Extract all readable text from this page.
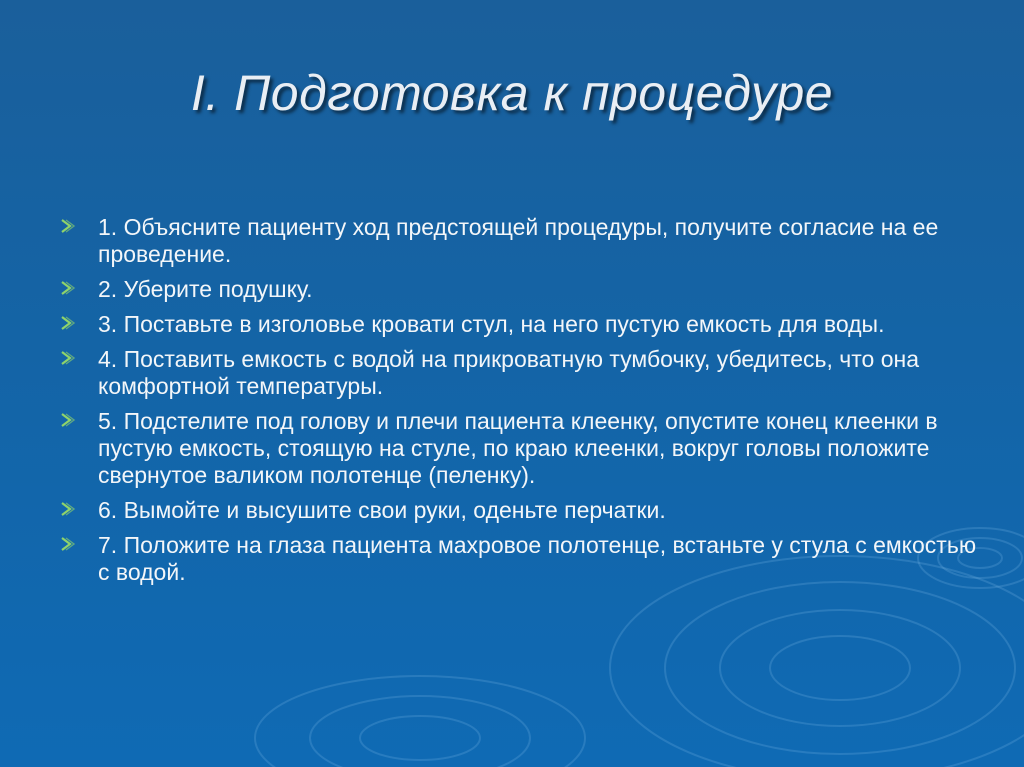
I. Подготовка к процедуре
1. Объясните пациенту ход предстоящей процедуры, получите согласие на ее проведение.
2. Уберите подушку.
3. Поставьте в изголовье кровати стул, на него пустую емкость для воды.
4. Поставить емкость с водой на прикроватную тумбочку, убедитесь, что она комфортной температуры.
5. Подстелите под голову и плечи пациента клеенку, опустите конец клеенки в пустую емкость, стоящую на стуле, по краю клеенки, вокруг головы положите свернутое валиком полотенце (пеленку).
6. Вымойте и высушите свои руки, оденьте перчатки.
7. Положите на глаза пациента махровое полотенце, встаньте у стула с емкостью с водой.
